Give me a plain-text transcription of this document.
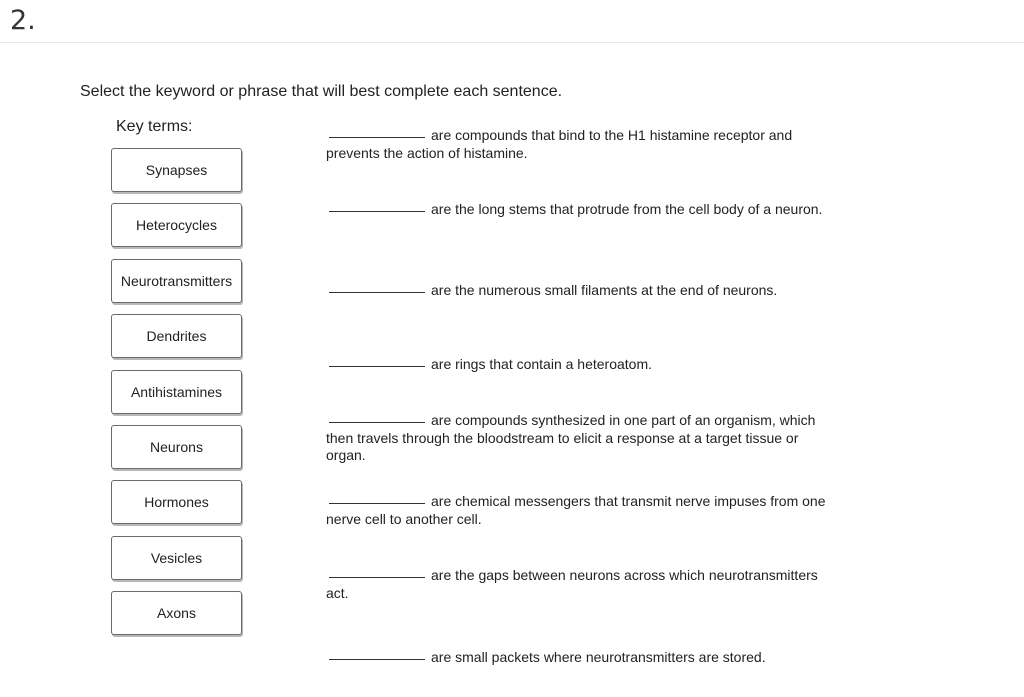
2.
Select the keyword or phrase that will best complete each sentence.
Key terms:
Synapses
Heterocycles
Neurotransmitters
Dendrites
Antihistamines
Neurons
Hormones
Vesicles
Axons
are compounds that bind to the H1 histamine receptor and prevents the action of histamine.
are the long stems that protrude from the cell body of a neuron.
are the numerous small filaments at the end of neurons.
are rings that contain a heteroatom.
are compounds synthesized in one part of an organism, which then travels through the bloodstream to elicit a response at a target tissue or organ.
are chemical messengers that transmit nerve impuses from one nerve cell to another cell.
are the gaps between neurons across which neurotransmitters act.
are small packets where neurotransmitters are stored.
